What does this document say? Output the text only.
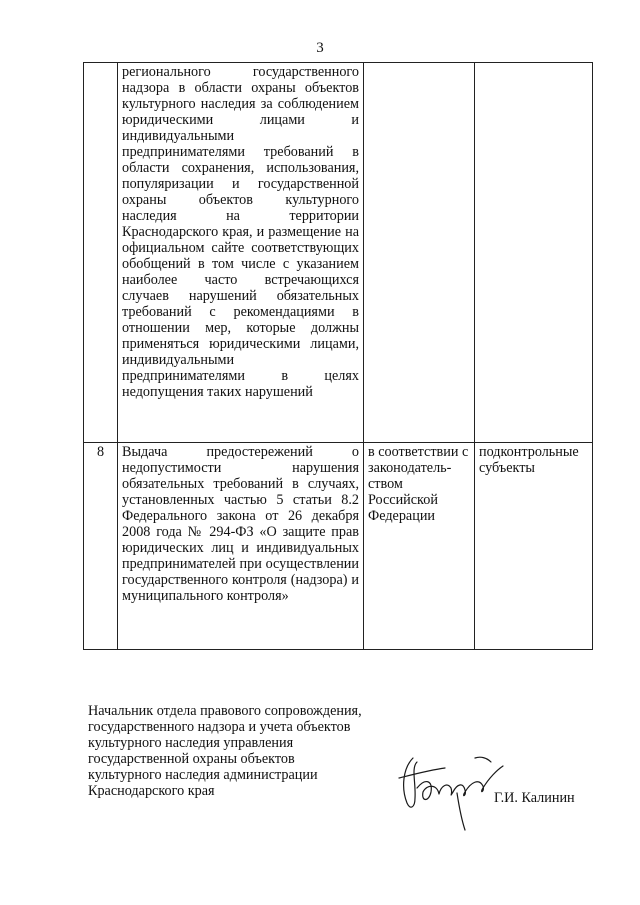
3
	регионального государственного надзора в области охраны объектов культурного наследия за соблюдением юридическими лицами и индивидуальными предпринимателями требований в области сохранения, использования, популяризации и государственной охраны объектов культурного наследия на территории Краснодарского края, и размещение на официальном сайте соответствующих обобщений в том числе с указанием наиболее часто встречающихся случаев нарушений обязательных требований с рекомендациями в отношении мер, которые должны применяться юридическими лицами, индивидуальными предпринимателями в целях недопущения таких нарушений		
8	Выдача предостережений о недопустимости нарушения обязательных требований в случаях, установленных частью 5 статьи 8.2 Федерального закона от 26 декабря 2008 года № 294-ФЗ «О защите прав юридических лиц и индивидуальных предпринимателей при осуществлении государственного контроля (надзора) и муниципального контроля»	в соответствии с законодатель-ством Российской Федерации	подконтрольные субъекты
Начальник отдела правового сопровождения,
государственного надзора и учета объектов
культурного наследия управления
государственной охраны объектов
культурного наследия администрации
Краснодарского края	Г.И. Калинин
